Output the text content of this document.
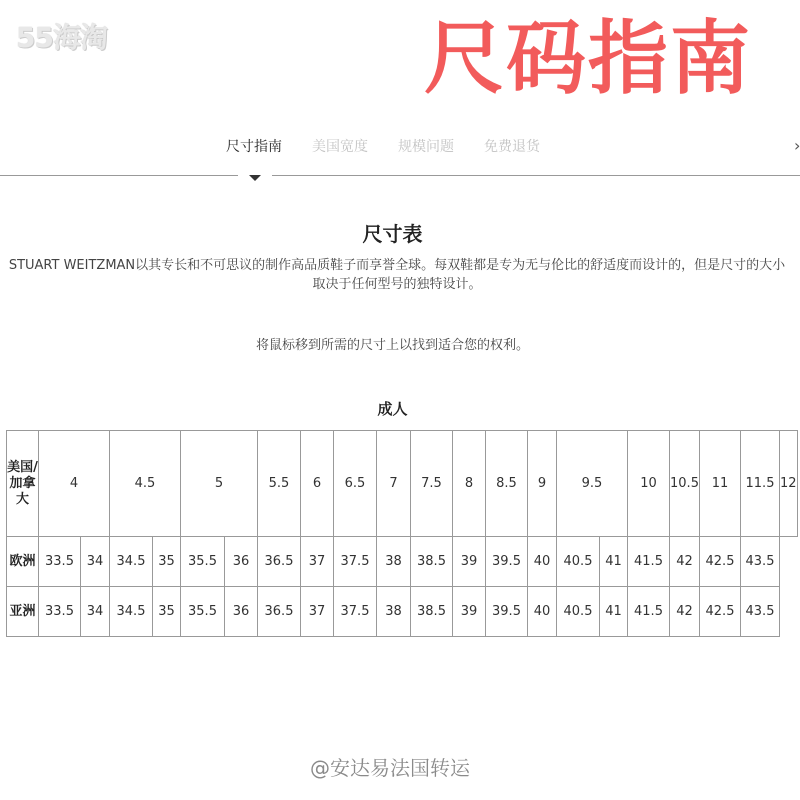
55海淘	尺码指南
尺寸指南 美国宽度 规模问题 免费退货	›
尺寸表
STUART WEITZMAN以其专长和不可思议的制作高品质鞋子而享誉全球。每双鞋都是专为无与伦比的舒适度而设计的，但是尺寸的大小取决于任何型号的独特设计。
将鼠标移到所需的尺寸上以找到适合您的权利。
成人
美国/加拿大	4		4.5		5		5.5	6	6.5	7	7.5	8	8.5	9	9.5		10	10.5	11	11.5	12
欧洲	33.5	34	34.5	35	35.5	36	36.5	37	37.5	38	38.5	39	39.5	40	40.5	41	41.5	42	42.5	43.5	
亚洲	33.5	34	34.5	35	35.5	36	36.5	37	37.5	38	38.5	39	39.5	40	40.5	41	41.5	42	42.5	43.5	
@安达易法国转运
